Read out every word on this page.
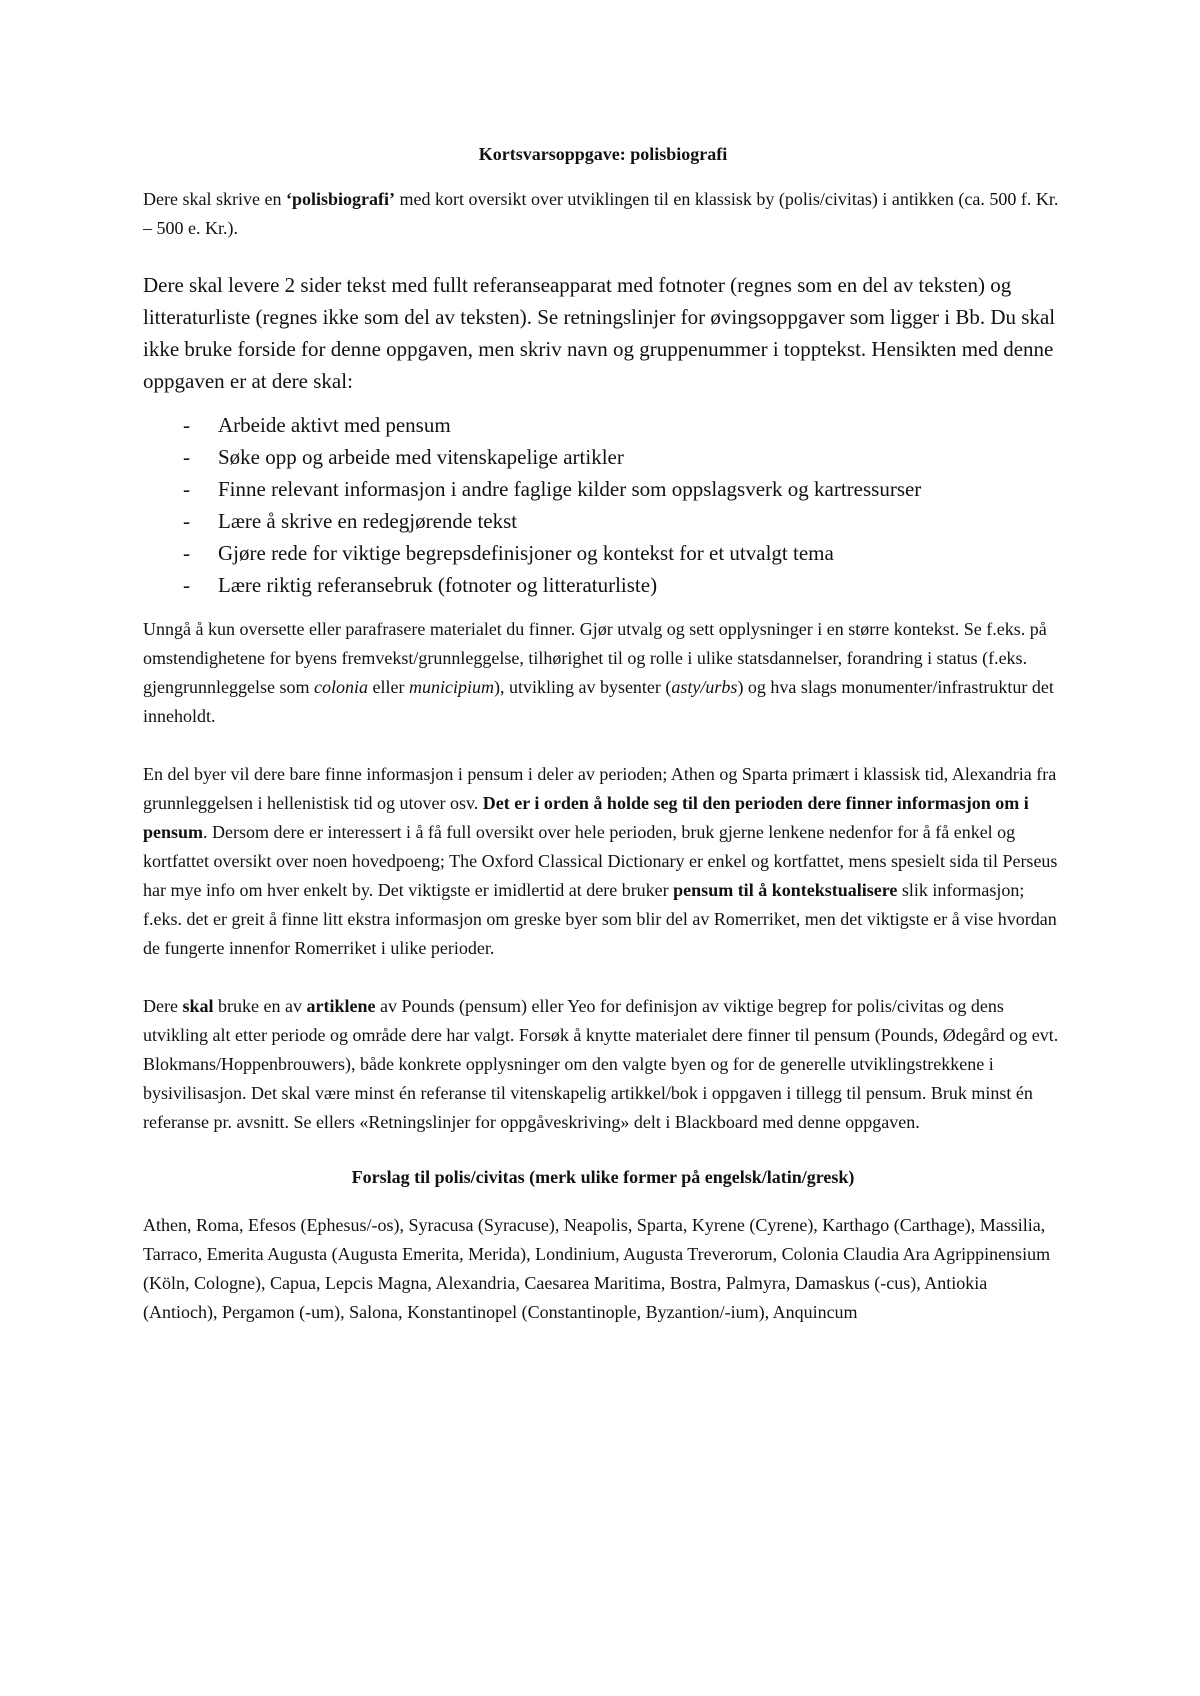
Kortsvarsoppgave: polisbiografi

Dere skal skrive en ‘polisbiografi’ med kort oversikt over utviklingen til en klassisk by (polis/civitas) i antikken (ca. 500 f. Kr. – 500 e. Kr.).

Dere skal levere 2 sider tekst med fullt referanseapparat med fotnoter (regnes som en del av teksten) og litteraturliste (regnes ikke som del av teksten). Se retningslinjer for øvingsoppgaver som ligger i Bb. Du skal ikke bruke forside for denne oppgaven, men skriv navn og gruppenummer i topptekst. Hensikten med denne oppgaven er at dere skal:

- Arbeide aktivt med pensum
- Søke opp og arbeide med vitenskapelige artikler
- Finne relevant informasjon i andre faglige kilder som oppslagsverk og kartressurser
- Lære å skrive en redegjørende tekst
- Gjøre rede for viktige begrepsdefinisjoner og kontekst for et utvalgt tema
- Lære riktig referansebruk (fotnoter og litteraturliste)

Unngå å kun oversette eller parafrasere materialet du finner. Gjør utvalg og sett opplysninger i en større kontekst. Se f.eks. på omstendighetene for byens fremvekst/grunnleggelse, tilhørighet til og rolle i ulike statsdannelser, forandring i status (f.eks. gjengrunnleggelse som colonia eller municipium), utvikling av bysenter (asty/urbs) og hva slags monumenter/infrastruktur det inneholdt.

En del byer vil dere bare finne informasjon i pensum i deler av perioden; Athen og Sparta primært i klassisk tid, Alexandria fra grunnleggelsen i hellenistisk tid og utover osv. Det er i orden å holde seg til den perioden dere finner informasjon om i pensum. Dersom dere er interessert i å få full oversikt over hele perioden, bruk gjerne lenkene nedenfor for å få enkel og kortfattet oversikt over noen hovedpoeng; The Oxford Classical Dictionary er enkel og kortfattet, mens spesielt sida til Perseus har mye info om hver enkelt by. Det viktigste er imidlertid at dere bruker pensum til å kontekstualisere slik informasjon; f.eks. det er greit å finne litt ekstra informasjon om greske byer som blir del av Romerriket, men det viktigste er å vise hvordan de fungerte innenfor Romerriket i ulike perioder.

Dere skal bruke en av artiklene av Pounds (pensum) eller Yeo for definisjon av viktige begrep for polis/civitas og dens utvikling alt etter periode og område dere har valgt. Forsøk å knytte materialet dere finner til pensum (Pounds, Ødegård og evt. Blokmans/Hoppenbrouwers), både konkrete opplysninger om den valgte byen og for de generelle utviklingstrekkene i bysivilisasjon. Det skal være minst én referanse til vitenskapelig artikkel/bok i oppgaven i tillegg til pensum. Bruk minst én referanse pr. avsnitt. Se ellers «Retningslinjer for oppgåveskriving» delt i Blackboard med denne oppgaven.

Forslag til polis/civitas (merk ulike former på engelsk/latin/gresk)

Athen, Roma, Efesos (Ephesus/-os), Syracusa (Syracuse), Neapolis, Sparta, Kyrene (Cyrene), Karthago (Carthage), Massilia, Tarraco, Emerita Augusta (Augusta Emerita, Merida), Londinium, Augusta Treverorum, Colonia Claudia Ara Agrippinensium (Köln, Cologne), Capua, Lepcis Magna, Alexandria, Caesarea Maritima, Bostra, Palmyra, Damaskus (-cus), Antiokia (Antioch), Pergamon (-um), Salona, Konstantinopel (Constantinople, Byzantion/-ium), Anquincum
